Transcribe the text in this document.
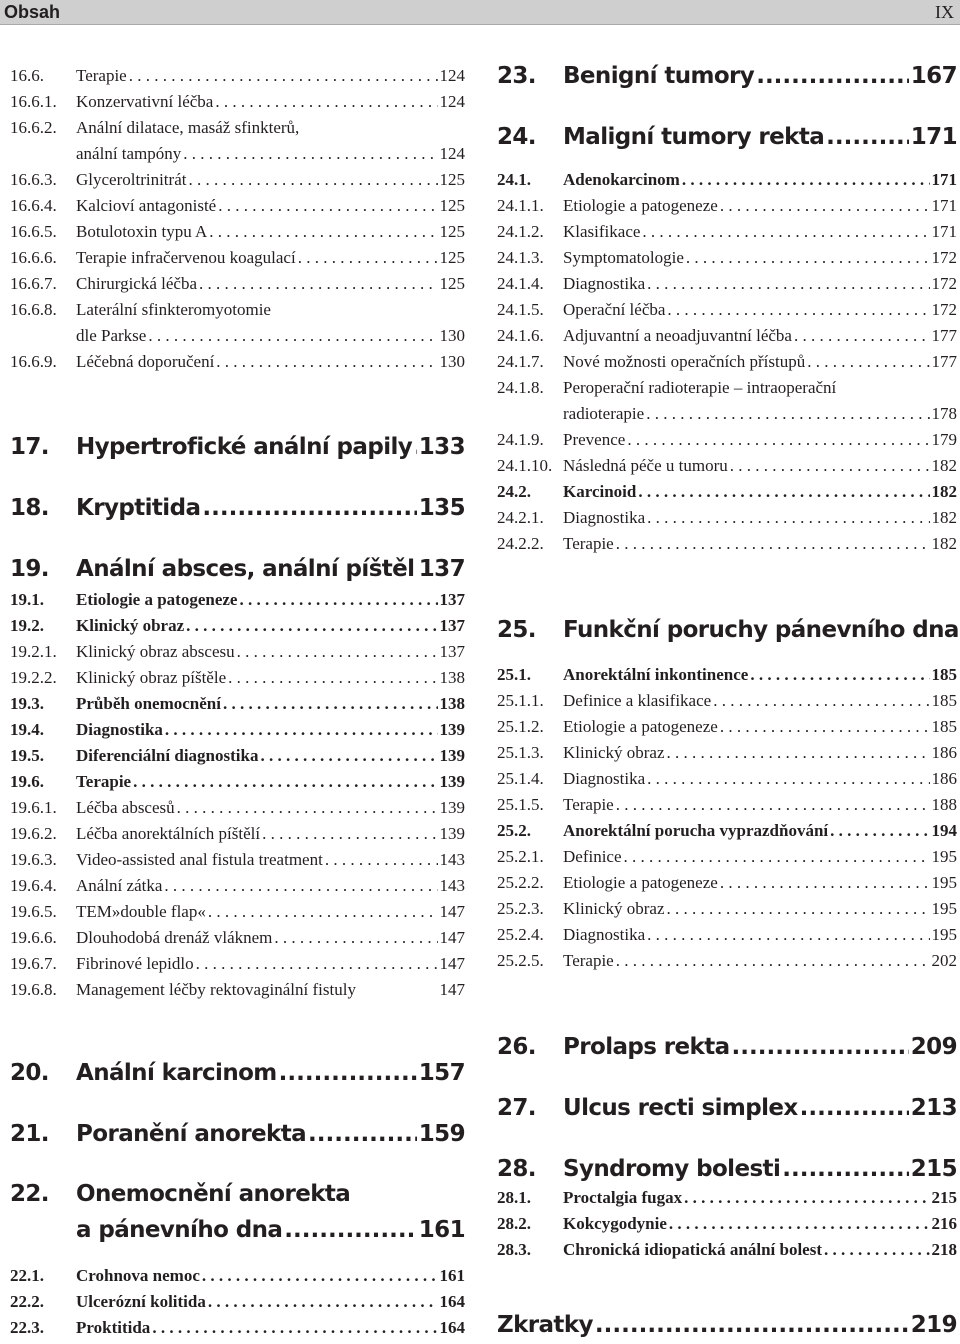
Obsah	IX
16.6.	Terapie . . .	124
16.6.1.	Konzervativní léčba . . .	124
16.6.2.	Anální dilatace, masáž sfinkterů,
anální tampóny . . .	124
16.6.3.	Glyceroltrinitrát . . .	125
16.6.4.	Kalcioví antagonisté . . .	125
16.6.5.	Botulotoxin typu A . . .	125
16.6.6.	Terapie infračervenou koagulací . . .	125
16.6.7.	Chirurgická léčba . . .	125
16.6.8.	Laterální sfinkteromyotomie
dle Parkse . . .	130
16.6.9.	Léčebná doporučení . . .	130
17.	Hypertrofické anální papily ..... 133
18.	Kryptitida .....	135
19.	Anální absces, anální píštěl ..... 137
19.1.	Etiologie a patogeneze . . .	137
19.2.	Klinický obraz . . .	137
19.2.1.	Klinický obraz abscesu . . .	137
19.2.2.	Klinický obraz píštěle . . .	138
19.3.	Průběh onemocnění . . .	138
19.4.	Diagnostika . . .	139
19.5.	Diferenciální diagnostika . . .	139
19.6.	Terapie . . .	139
19.6.1.	Léčba abscesů . . .	139
19.6.2.	Léčba anorektálních píštělí . . .	139
19.6.3.	Video-assisted anal fistula treatment . . .	143
19.6.4.	Anální zátka . . .	143
19.6.5.	TEM»double flap« . . .	147
19.6.6.	Dlouhodobá drenáž vláknem . . .	147
19.6.7.	Fibrinové lepidlo . . .	147
19.6.8.	Management léčby rektovaginální fistuly	147
20.	Anální karcinom .....	157
21.	Poranění anorekta .....	159
22.	Onemocnění anorekta
a pánevního dna .....	161
22.1.	Crohnova nemoc . . .	161
22.2.	Ulcerózní kolitida . . .	164
22.3.	Proktitida . . .	164
23.	Benigní tumory .....	167
24.	Maligní tumory rekta .....	171
24.1.	Adenokarcinom . . .	171
24.1.1.	Etiologie a patogeneze . . .	171
24.1.2.	Klasifikace . . .	171
24.1.3.	Symptomatologie . . .	172
24.1.4.	Diagnostika . . .	172
24.1.5.	Operační léčba . . .	172
24.1.6.	Adjuvantní a neoadjuvantní léčba . . .	177
24.1.7.	Nové možnosti operačních přístupů . . .	177
24.1.8.	Peroperační radioterapie – intraoperační
radioterapie . . .	178
24.1.9.	Prevence . . .	179
24.1.10. Následná péče u tumoru . . .	182
24.2.	Karcinoid . . .	182
24.2.1.	Diagnostika . . .	182
24.2.2.	Terapie . . .	182
25.	Funkční poruchy pánevního dna
25.1.	Anorektální inkontinence . . .	185
25.1.1.	Definice a klasifikace . . .	185
25.1.2.	Etiologie a patogeneze . . .	185
25.1.3.	Klinický obraz . . .	186
25.1.4.	Diagnostika . . .	186
25.1.5.	Terapie . . .	188
25.2.	Anorektální porucha vyprazdňování . . .	194
25.2.1.	Definice . . .	195
25.2.2.	Etiologie a patogeneze . . .	195
25.2.3.	Klinický obraz . . .	195
25.2.4.	Diagnostika . . .	195
25.2.5.	Terapie . . .	202
26.	Prolaps rekta .....	209
27.	Ulcus recti simplex .....	213
28.	Syndromy bolesti .....	215
28.1.	Proctalgia fugax . . .	215
28.2.	Kokcygodynie . . .	216
28.3.	Chronická idiopatická anální bolest . . .	218
Zkratky .....	219
